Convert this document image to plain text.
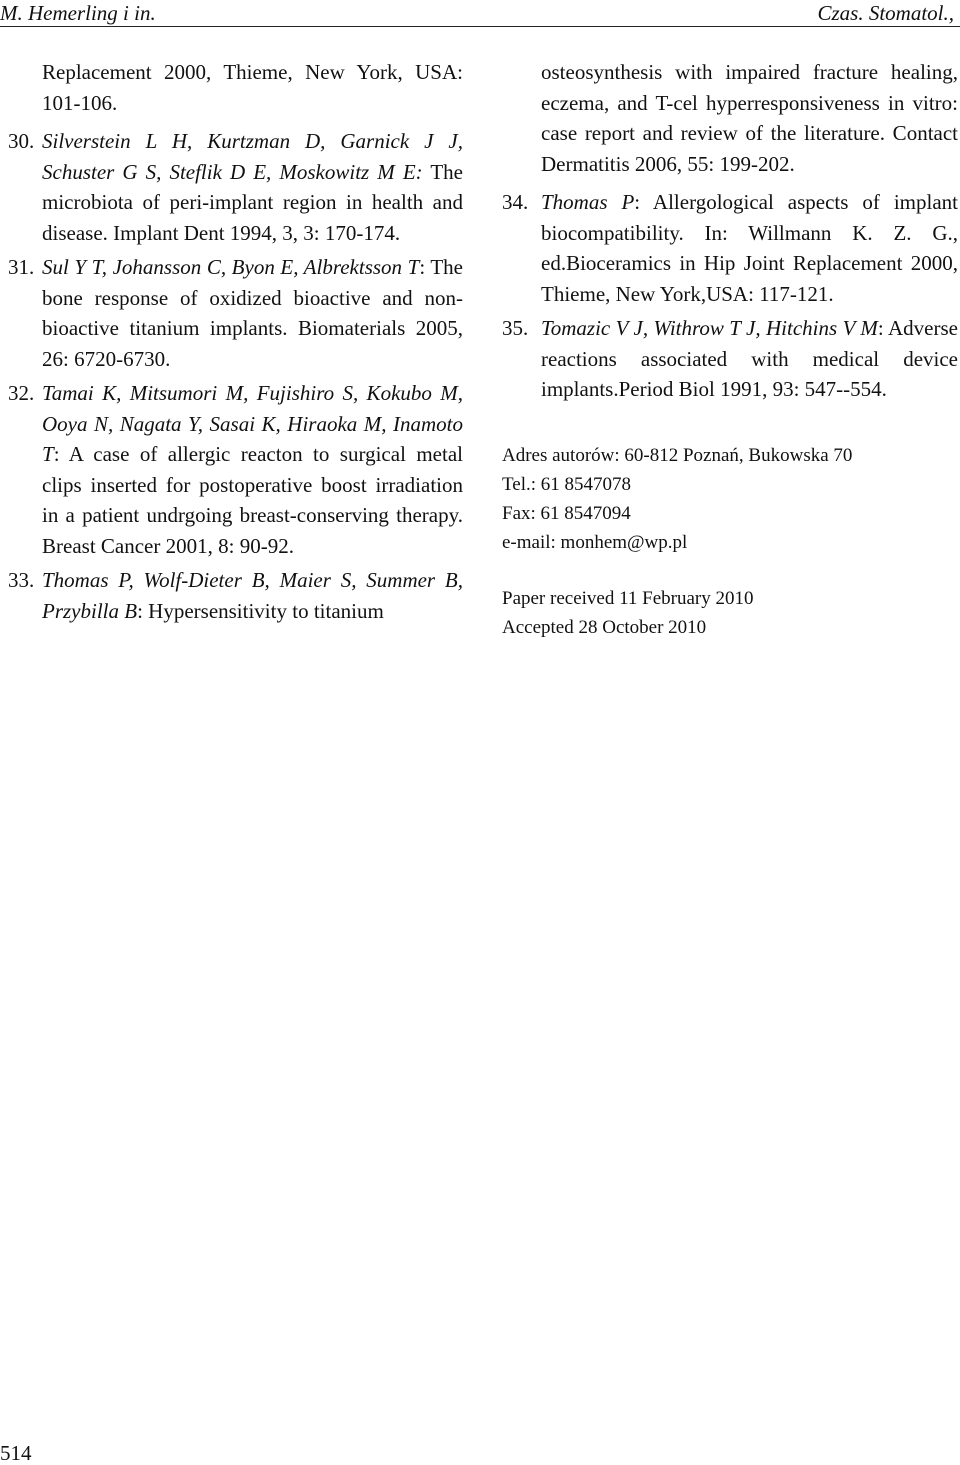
M. Hemerling i in.	Czas. Stomatol.,
Replacement 2000, Thieme, New York, USA: 101-106.
30. Silverstein L H, Kurtzman D, Garnick J J, Schuster G S, Steflik D E, Moskowitz M E: The microbiota of peri-implant region in health and disease. Implant Dent 1994, 3, 3: 170-174.
31. Sul Y T, Johansson C, Byon E, Albrektsson T: The bone response of oxidized bioactive and non-bioactive titanium implants. Biomaterials 2005, 26: 6720-6730.
32. Tamai K, Mitsumori M, Fujishiro S, Kokubo M, Ooya N, Nagata Y, Sasai K, Hiraoka M, Inamoto T: A case of allergic reacton to surgical metal clips inserted for postoperative boost irradiation in a patient undrgoing breast-conserving therapy. Breast Cancer 2001, 8: 90-92.
33. Thomas P, Wolf-Dieter B, Maier S, Summer B, Przybilla B: Hypersensitivity to titanium
osteosynthesis with impaired fracture healing, eczema, and T-cel hyperresponsiveness in vitro: case report and review of the literature. Contact Dermatitis 2006, 55: 199-202.
34. Thomas P: Allergological aspects of implant biocompatibility. In: Willmann K. Z. G., ed.Bioceramics in Hip Joint Replacement 2000, Thieme, New York,USA: 117-121.
35. Tomazic V J, Withrow T J, Hitchins V M: Adverse reactions associated with medical device implants.Period Biol 1991, 93: 547--554.
Adres autorów: 60-812 Poznań, Bukowska 70
Tel.: 61 8547078
Fax: 61 8547094
e-mail: monhem@wp.pl
Paper received 11 February 2010
Accepted 28 October 2010
514
